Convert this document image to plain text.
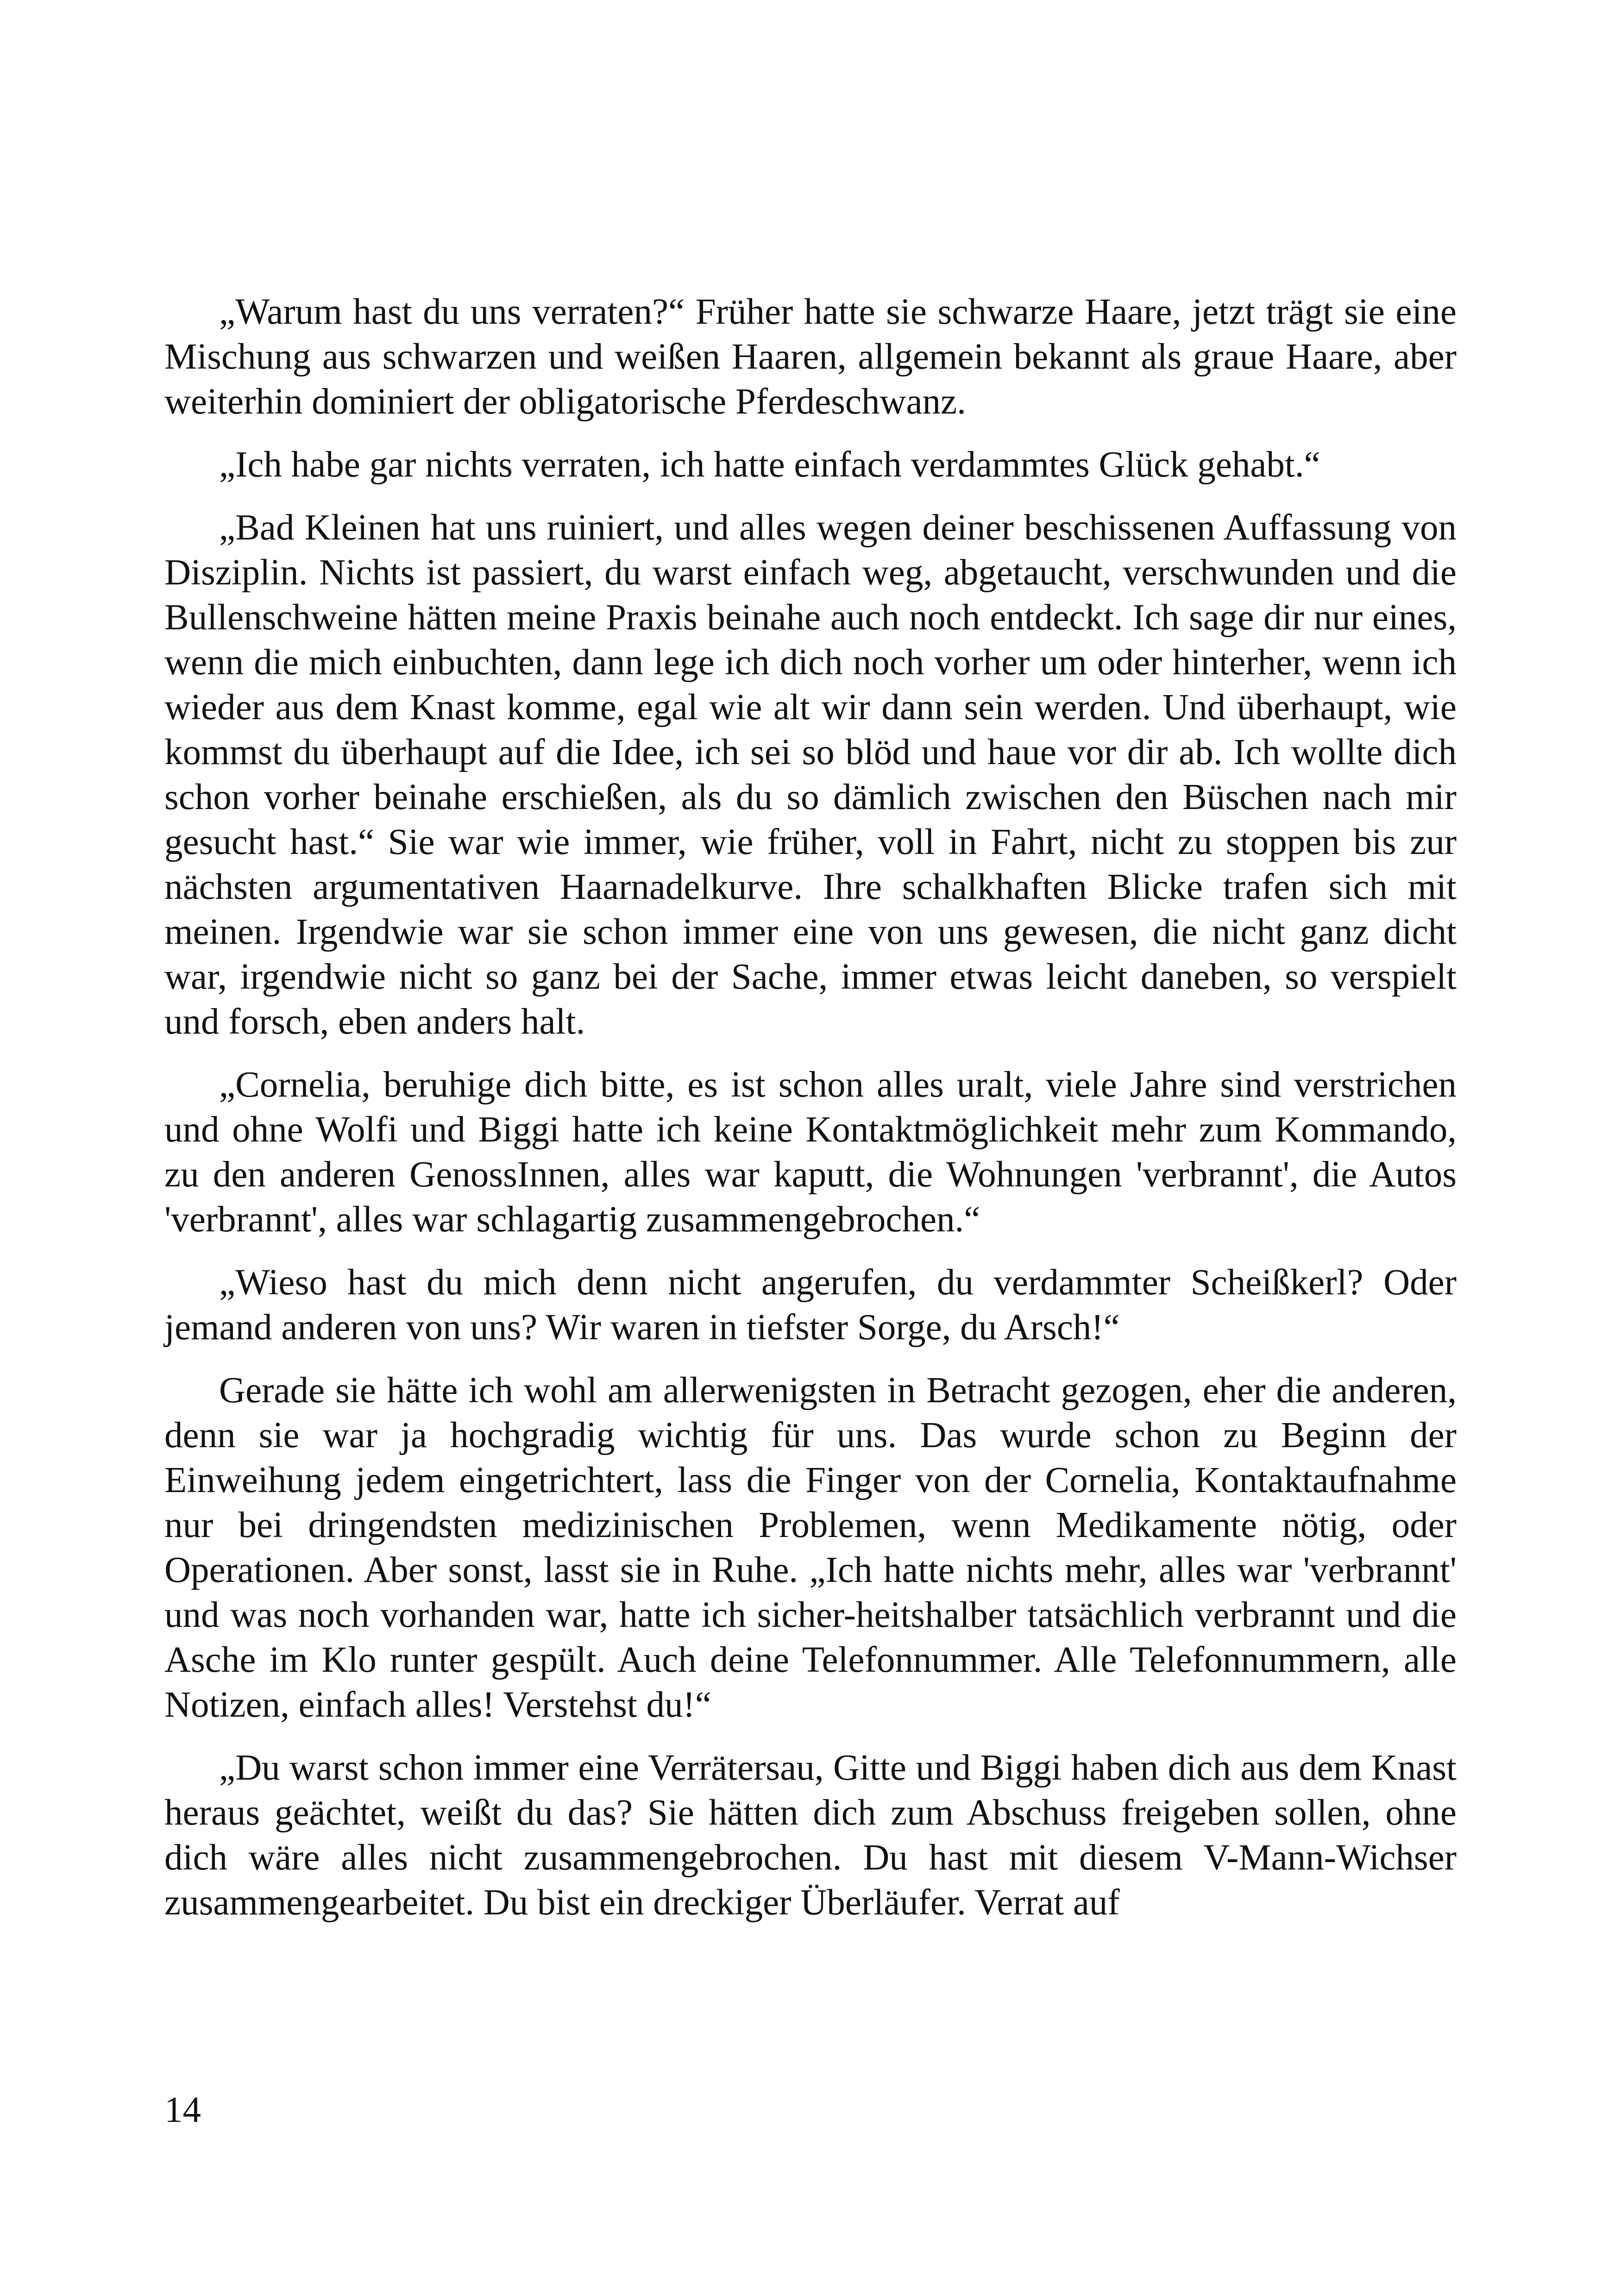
„Warum hast du uns verraten?“ Früher hatte sie schwarze Haare, jetzt trägt sie eine Mischung aus schwarzen und weißen Haaren, allgemein bekannt als graue Haare, aber weiterhin dominiert der obligatorische Pferdeschwanz.

„Ich habe gar nichts verraten, ich hatte einfach verdammtes Glück gehabt.“

„Bad Kleinen hat uns ruiniert, und alles wegen deiner beschissenen Auffassung von Disziplin. Nichts ist passiert, du warst einfach weg, abgetaucht, verschwunden und die Bullenschweine hätten meine Praxis beinahe auch noch entdeckt. Ich sage dir nur eines, wenn die mich einbuchten, dann lege ich dich noch vorher um oder hinterher, wenn ich wieder aus dem Knast komme, egal wie alt wir dann sein werden. Und überhaupt, wie kommst du überhaupt auf die Idee, ich sei so blöd und haue vor dir ab. Ich wollte dich schon vorher beinahe erschießen, als du so dämlich zwischen den Büschen nach mir gesucht hast.“ Sie war wie immer, wie früher, voll in Fahrt, nicht zu stoppen bis zur nächsten argumentativen Haarnadelkurve. Ihre schalkhaften Blicke trafen sich mit meinen. Irgendwie war sie schon immer eine von uns gewesen, die nicht ganz dicht war, irgendwie nicht so ganz bei der Sache, immer etwas leicht daneben, so verspielt und forsch, eben anders halt.

„Cornelia, beruhige dich bitte, es ist schon alles uralt, viele Jahre sind verstrichen und ohne Wolfi und Biggi hatte ich keine Kontaktmöglichkeit mehr zum Kommando, zu den anderen GenossInnen, alles war kaputt, die Wohnungen 'verbrannt', die Autos 'verbrannt', alles war schlagartig zusammengebrochen.“

„Wieso hast du mich denn nicht angerufen, du verdammter Scheißkerl? Oder jemand anderen von uns? Wir waren in tiefster Sorge, du Arsch!“

Gerade sie hätte ich wohl am allerwenigsten in Betracht gezogen, eher die anderen, denn sie war ja hochgradig wichtig für uns. Das wurde schon zu Beginn der Einweihung jedem eingetrichtert, lass die Finger von der Cornelia, Kontaktaufnahme nur bei dringendsten medizinischen Problemen, wenn Medikamente nötig, oder Operationen. Aber sonst, lasst sie in Ruhe. „Ich hatte nichts mehr, alles war 'verbrannt' und was noch vorhanden war, hatte ich sicher-heitshalber tatsächlich verbrannt und die Asche im Klo runter gespült. Auch deine Telefonnummer. Alle Telefonnummern, alle Notizen, einfach alles! Verstehst du!“

„Du warst schon immer eine Verrätersau, Gitte und Biggi haben dich aus dem Knast heraus geächtet, weißt du das? Sie hätten dich zum Abschuss freigeben sollen, ohne dich wäre alles nicht zusammengebrochen. Du hast mit diesem V-Mann-Wichser zusammengearbeitet. Du bist ein dreckiger Überläufer. Verrat auf

14
